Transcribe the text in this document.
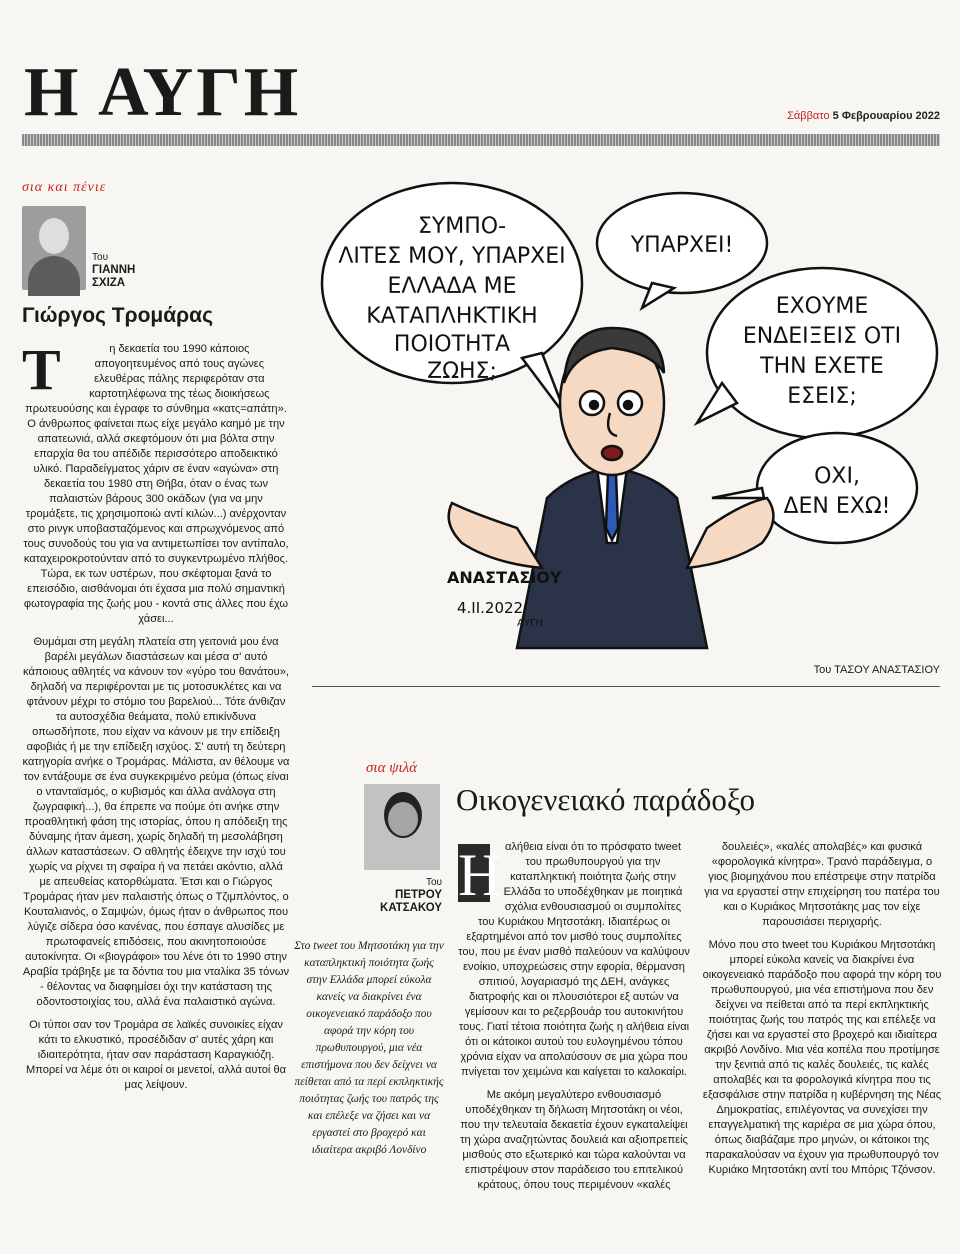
Η ΑΥΓΗ	Σάββατο 5 Φεβρουαρίου 2022
σια και πένιε
Του
ΓΙΑΝΝΗ
ΣΧΙΖΑ
Γιώργος Τρομάρας

Τ	η δεκαετία του 1990 κάποιος απογοητευμένος από τους αγώνες ελευθέρας πάλης περιφερόταν στα καρτοτηλέφωνα της τέως διοικήσεως πρωτευούσης και έγραφε το σύνθημα «κατς=απάτη». Ο άνθρωπος φαίνεται πως είχε μεγάλο καημό με την απατεωνιά, αλλά σκεφτόμουν ότι μια βόλτα στην επαρχία θα του απέδιδε περισσότερο αποδεικτικό υλικό. Παραδείγματος χάριν σε έναν «αγώνα» στη δεκαετία του 1980 στη Θήβα, όταν ο ένας των παλαιστών βάρους 300 οκάδων (για να μην τρομάξετε, τις χρησιμοποιώ αντί κιλών...) ανέρχονταν στο ρινγκ υποβασταζόμενος και σπρωχνόμενος από τους συνοδούς του για να αντιμετωπίσει τον αντίπαλο, καταχειροκροτούνταν από το συγκεντρωμένο πλήθος. Τώρα, εκ των υστέρων, που σκέφτομαι ξανά το επεισόδιο, αισθάνομαι ότι έχασα μια πολύ σημαντική φωτογραφία της ζωής μου - κοντά στις άλλες που έχω χάσει...

Θυμάμαι στη μεγάλη πλατεία στη γειτονιά μου ένα βαρέλι μεγάλων διαστάσεων και μέσα σ' αυτό κάποιους αθλητές να κάνουν τον «γύρο του θανάτου», δηλαδή να περιφέρονται με τις μοτοσυκλέτες και να φτάνουν μέχρι το στόμιο του βαρελιού... Τότε άνθιζαν τα αυτοσχέδια θεάματα, πολύ επικίνδυνα οπωσδήποτε, που είχαν να κάνουν με την επίδειξη αφοβιάς ή με την επίδειξη ισχύος. Σ' αυτή τη δεύτερη κατηγορία ανήκε ο Τρομάρας. Μάλιστα, αν θέλουμε να τον εντάξουμε σε ένα συγκεκριμένο ρεύμα (όπως είναι ο ντανταϊσμός, ο κυβισμός και άλλα ανάλογα στη ζωγραφική...), θα έπρεπε να πούμε ότι ανήκε στην προαθλητική φάση της ιστορίας, όπου η απόδειξη της δύναμης ήταν άμεση, χωρίς δηλαδή τη μεσολάβηση άλλων καταστάσεων. Ο αθλητής έδειχνε την ισχύ του χωρίς να ρίχνει τη σφαίρα ή να πετάει ακόντιο, αλλά με απευθείας κατορθώματα. Έτσι και ο Γιώργος Τρομάρας ήταν μεν παλαιστής όπως ο Τζιμπλόντος, ο Κουταλιανός, ο Σαμψών, όμως ήταν ο άνθρωπος που λύγιζε σίδερα όσο κανένας, που έσπαγε αλυσίδες με πρωτοφανείς επιδόσεις, που ακινητοποιούσε αυτοκίνητα. Οι «βιογράφοι» του λένε ότι το 1990 στην Αραβία τράβηξε με τα δόντια του μια νταλίκα 35 τόνων - θέλοντας να διαφημίσει όχι την κατάσταση της οδοντοστοιχίας του, αλλά ένα παλαιστικό αγώνα.

Οι τύποι σαν τον Τρομάρα σε λαϊκές συνοικίες είχαν κάτι το ελκυστικό, προσέδιδαν σ' αυτές χάρη και ιδιαιτερότητα, ήταν σαν παράσταση Καραγκιόζη. Μπορεί να λέμε ότι οι καιροί οι μενετοί, αλλά αυτοί θα μας λείψουν.

ΣΥΜΠΟ-
ΛΙΤΕΣ ΜΟΥ, ΥΠΑΡΧΕΙ
ΕΛΛΑΔΑ ΜΕ
ΚΑΤΑΠΛΗΚΤΙΚΗ
ΠΟΙΟΤΗΤΑ
ΖΩΗΣ;
ΥΠΑΡΧΕΙ!
ΕΧΟΥΜΕ
ΕΝΔΕΙΞΕΙΣ ΟΤΙ
ΤΗΝ ΕΧΕΤΕ
ΕΣΕΙΣ;
ΟΧΙ,
ΔΕΝ ΕΧΩ!
ΑΝΑΣΤΑΣΙΟΥ
4.ΙΙ.2022
ΑΥΓΗ
Του ΤΑΣΟΥ ΑΝΑΣΤΑΣΙΟΥ
σια ψιλά
Του
ΠΕΤΡΟΥ
ΚΑΤΣΑΚΟΥ
Οικογενειακό παράδοξο
Στο tweet του Μητσοτάκη για την καταπληκτική ποιότητα ζωής στην Ελλάδα μπορεί εύκολα κανείς να διακρίνει ένα οικογενειακό παράδοξο που αφορά την κόρη του πρωθυπουργού, μια νέα επιστήμονα που δεν δείχνει να πείθεται από τα περί εκπληκτικής ποιότητας ζωής του πατρός της και επέλεξε να ζήσει και να εργαστεί στο βροχερό και ιδιαίτερα ακριβό Λονδίνο

Η αλήθεια είναι ότι το πρόσφατο tweet του πρωθυπουργού για την καταπληκτική ποιότητα ζωής στην Ελλάδα το υποδέχθηκαν με ποιητικά σχόλια ενθουσιασμού οι συμπολίτες του Κυριάκου Μητσοτάκη. Ιδιαιτέρως οι εξαρτημένοι από τον μισθό τους συμπολίτες του, που με έναν μισθό παλεύουν να καλύψουν ενοίκιο, υποχρεώσεις στην εφορία, θέρμανση σπιτιού, λογαριασμό της ΔΕΗ, ανάγκες διατροφής και οι πλουσιότεροι εξ αυτών να γεμίσουν και το ρεζερβουάρ του αυτοκινήτου τους. Γιατί τέτοια ποιότητα ζωής η αλήθεια είναι ότι οι κάτοικοι αυτού του ευλογημένου τόπου χρόνια είχαν να απολαύσουν σε μια χώρα που πνίγεται τον χειμώνα και καίγεται το καλοκαίρι.

Με ακόμη μεγαλύτερο ενθουσιασμό υποδέχθηκαν τη δήλωση Μητσοτάκη οι νέοι, που την τελευταία δεκαετία έχουν εγκαταλείψει τη χώρα αναζητώντας δουλειά και αξιοπρεπείς μισθούς στο εξωτερικό και τώρα καλούνται να επιστρέψουν στον παράδεισο του επιτελικού κράτους, όπου τους περιμένουν «καλές

δουλειές», «καλές απολαβές» και φυσικά «φορολογικά κίνητρα». Τρανό παράδειγμα, ο γιος βιομηχάνου που επέστρεψε στην πατρίδα για να εργαστεί στην επιχείρηση του πατέρα του και ο Κυριάκος Μητσοτάκης μας τον είχε παρουσιάσει περιχαρής.

Μόνο που στο tweet του Κυριάκου Μητσοτάκη μπορεί εύκολα κανείς να διακρίνει ένα οικογενειακό παράδοξο που αφορά την κόρη του πρωθυπουργού, μια νέα επιστήμονα που δεν δείχνει να πείθεται από τα περί εκπληκτικής ποιότητας ζωής του πατρός της και επέλεξε να ζήσει και να εργαστεί στο βροχερό και ιδιαίτερα ακριβό Λονδίνο. Μια νέα κοπέλα που προτίμησε την ξενιτιά από τις καλές δουλειές, τις καλές απολαβές και τα φορολογικά κίνητρα που τις εξασφάλισε στην πατρίδα η κυβέρνηση της Νέας Δημοκρατίας, επιλέγοντας να συνεχίσει την επαγγελματική της καριέρα σε μια χώρα όπου, όπως διαβάζαμε προ μηνών, οι κάτοικοι της παρακαλούσαν να έχουν για πρωθυπουργό τον Κυριάκο Μητσοτάκη αντί του Μπόρις Τζόνσον.
